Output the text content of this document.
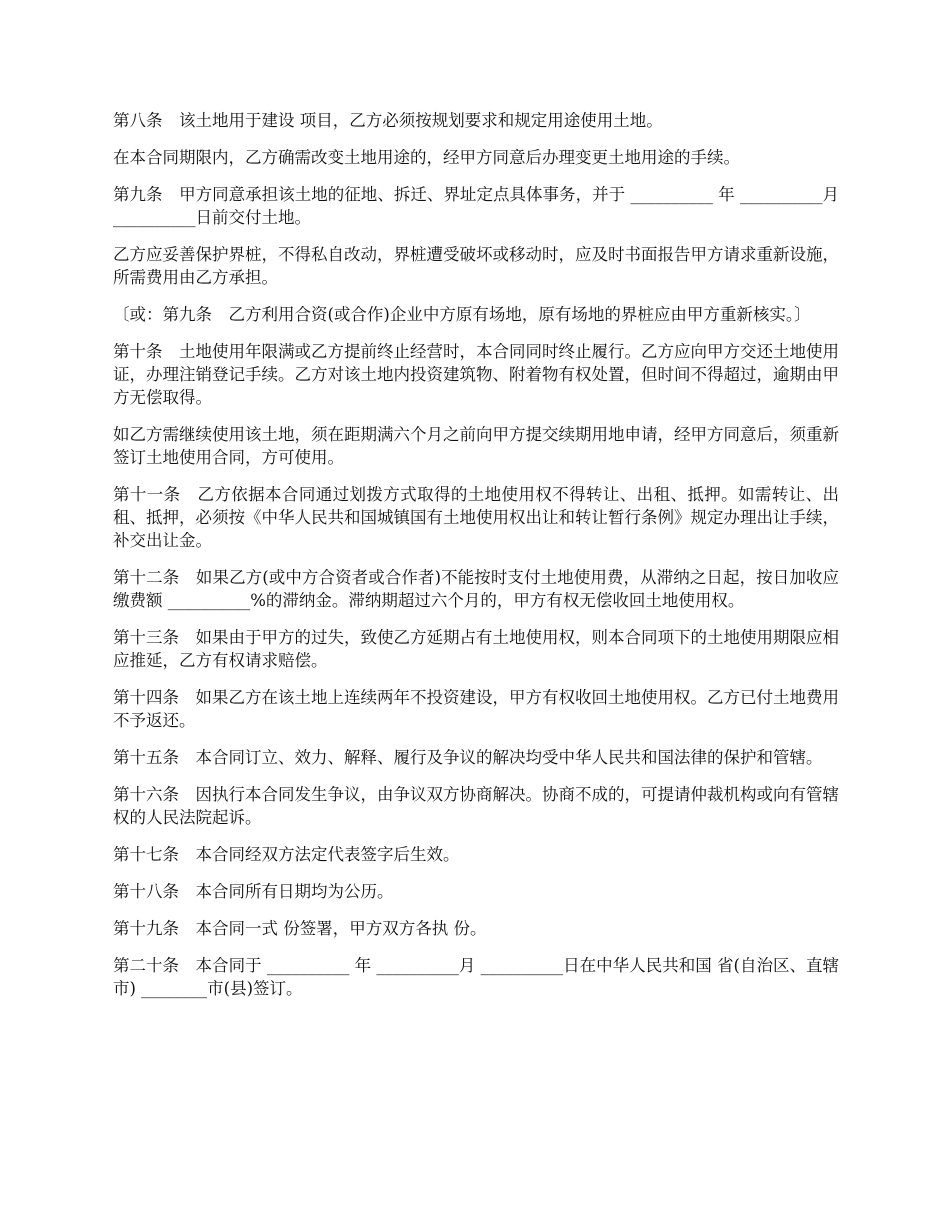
第八条　该土地用于建设 项目，乙方必须按规划要求和规定用途使用土地。

在本合同期限内，乙方确需改变土地用途的，经甲方同意后办理变更土地用途的手续。

第九条　甲方同意承担该土地的征地、拆迁、界址定点具体事务，并于 __________ 年 __________月 __________日前交付土地。

乙方应妥善保护界桩，不得私自改动，界桩遭受破坏或移动时，应及时书面报告甲方请求重新设施，所需费用由乙方承担。

〔或：第九条　乙方利用合资(或合作)企业中方原有场地，原有场地的界桩应由甲方重新核实。〕

第十条　土地使用年限满或乙方提前终止经营时，本合同同时终止履行。乙方应向甲方交还土地使用证，办理注销登记手续。乙方对该土地内投资建筑物、附着物有权处置，但时间不得超过，逾期由甲方无偿取得。

如乙方需继续使用该土地，须在距期满六个月之前向甲方提交续期用地申请，经甲方同意后，须重新签订土地使用合同，方可使用。

第十一条　乙方依据本合同通过划拨方式取得的土地使用权不得转让、出租、抵押。如需转让、出租、抵押，必须按《中华人民共和国城镇国有土地使用权出让和转让暂行条例》规定办理出让手续，补交出让金。

第十二条　如果乙方(或中方合资者或合作者)不能按时支付土地使用费，从滞纳之日起，按日加收应缴费额 __________%的滞纳金。滞纳期超过六个月的，甲方有权无偿收回土地使用权。

第十三条　如果由于甲方的过失，致使乙方延期占有土地使用权，则本合同项下的土地使用期限应相应推延，乙方有权请求赔偿。

第十四条　如果乙方在该土地上连续两年不投资建设，甲方有权收回土地使用权。乙方已付土地费用不予返还。

第十五条　本合同订立、效力、解释、履行及争议的解决均受中华人民共和国法律的保护和管辖。

第十六条　因执行本合同发生争议，由争议双方协商解决。协商不成的，可提请仲裁机构或向有管辖权的人民法院起诉。

第十七条　本合同经双方法定代表签字后生效。

第十八条　本合同所有日期均为公历。

第十九条　本合同一式 份签署，甲方双方各执 份。

第二十条　本合同于 __________ 年 __________月 __________日在中华人民共和国 省(自治区、直辖市) ________市(县)签订。
